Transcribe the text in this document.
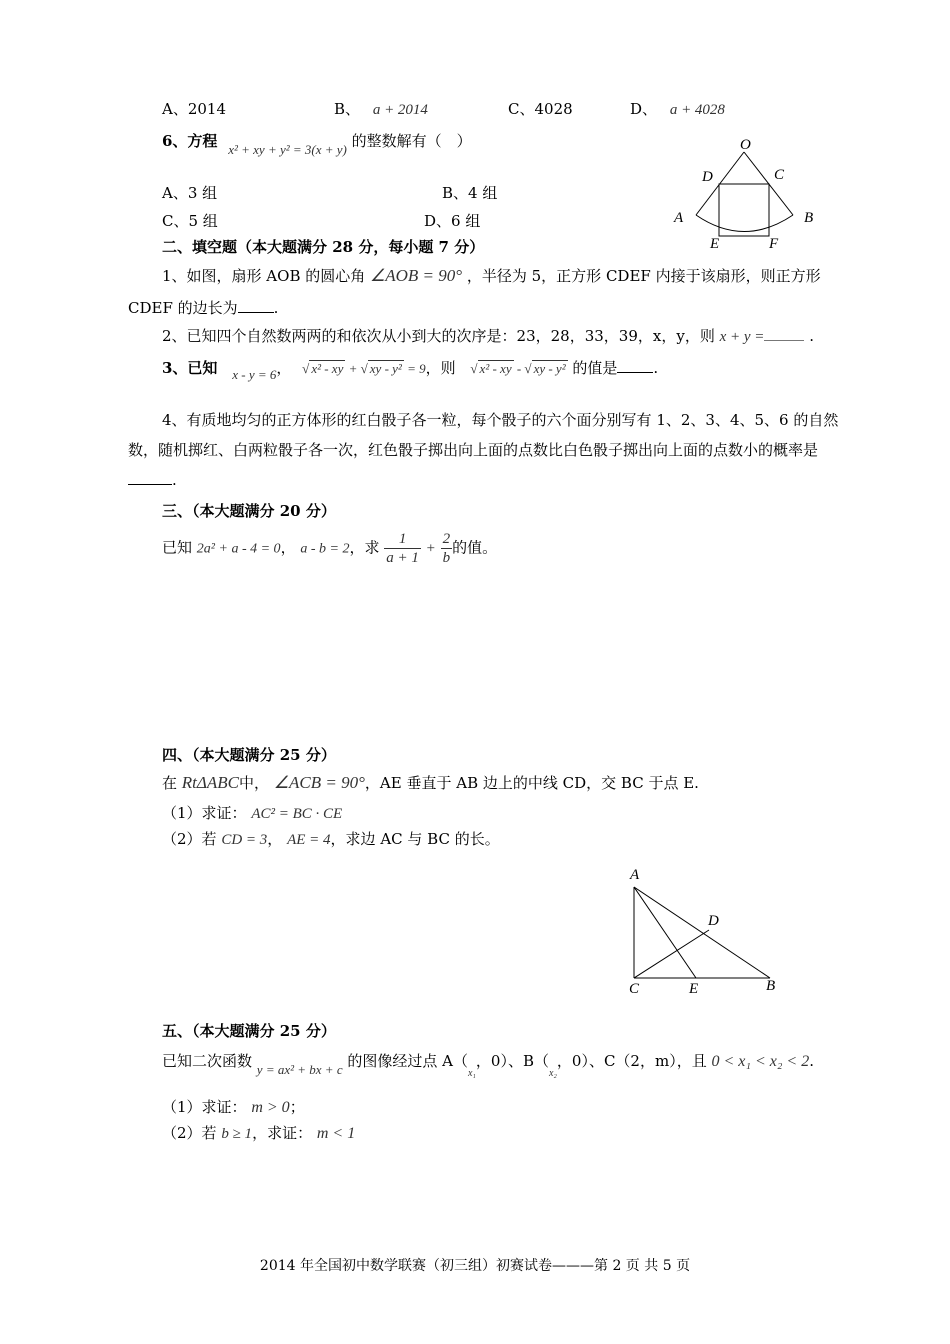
A、2014	B、 a + 2014	C、4028	D、 a + 4028
6、方程 x² + xy + y² = 3(x + y) 的整数解有（　）
A、3 组	B、4 组
C、5 组	D、6 组
O
D	C
A	B
E	F
二、填空题（本大题满分 28 分，每小题 7 分）
1、如图，扇形 AOB 的圆心角 ∠AOB = 90° ，半径为 5，正方形 CDEF 内接于该扇形，则正方形
CDEF 的边长为 .
2、已知四个自然数两两的和依次从小到大的次序是：23，28，33，39，x，y，则 x + y =	.
3、已知 x - y = 6， √ x² - xy + √ xy - y² = 9，则 √ x² - xy - √ xy - y² 的值是 .
4、有质地均匀的正方体形的红白骰子各一粒，每个骰子的六个面分别写有 1、2、3、4、5、6 的自然数，随机掷红、白两粒骰子各一次，红色骰子掷出向上面的点数比白色骰子掷出向上面的点数小的概率是.
三、（本大题满分 20 分）
已知 2a² + a - 4 = 0， a - b = 2，求 $\frac{1}{a + 1} + \frac{2}{b}$ 的值。
四、（本大题满分 25 分）
在 RtΔABC中， ∠ACB = 90°，AE 垂直于 AB 边上的中线 CD，交 BC 于点 E.
（1）求证： AC² = BC · CE
（2）若 CD = 3， AE = 4，求边 AC 与 BC 的长。
A
D
C	E	B
五、（本大题满分 25 分）
已知二次函数 y = ax² + bx + c 的图像经过点 $A(_{x_1}$，0）、$B(_{x_2}$，0）、C（2，m），且 0 < x₁ < x₂ < 2.
（1）求证： m > 0；
（2）若 b ≥ 1，求证： m < 1
2014 年全国初中数学联赛（初三组）初赛试卷———第 2 页 共 5 页
